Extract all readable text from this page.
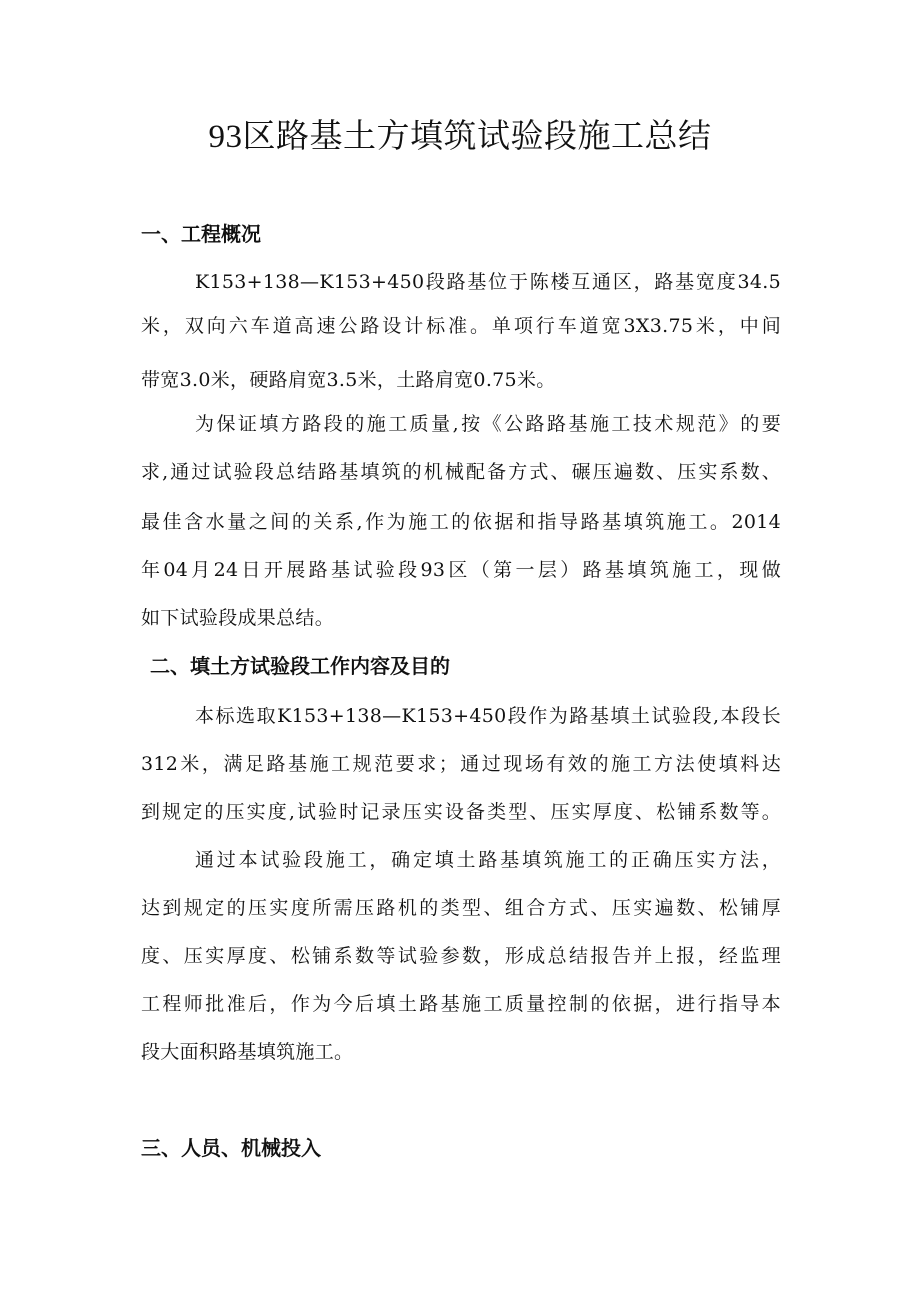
93区路基土方填筑试验段施工总结
一、工程概况
K153+138—K153+450段路基位于陈楼互通区，路基宽度34.5
米，双向六车道高速公路设计标准。单项行车道宽3X3.75米，中间
带宽3.0米，硬路肩宽3.5米，土路肩宽0.75米。
为保证填方路段的施工质量,按《公路路基施工技术规范》的要
求,通过试验段总结路基填筑的机械配备方式、碾压遍数、压实系数、
最佳含水量之间的关系,作为施工的依据和指导路基填筑施工。2014
年04月24日开展路基试验段93区（第一层）路基填筑施工，现做
如下试验段成果总结。
二、填土方试验段工作内容及目的
本标选取K153+138—K153+450段作为路基填土试验段,本段长
312米，满足路基施工规范要求；通过现场有效的施工方法使填料达
到规定的压实度,试验时记录压实设备类型、压实厚度、松铺系数等。
通过本试验段施工，确定填土路基填筑施工的正确压实方法，
达到规定的压实度所需压路机的类型、组合方式、压实遍数、松铺厚
度、压实厚度、松铺系数等试验参数，形成总结报告并上报，经监理
工程师批准后，作为今后填土路基施工质量控制的依据，进行指导本
段大面积路基填筑施工。
三、人员、机械投入
